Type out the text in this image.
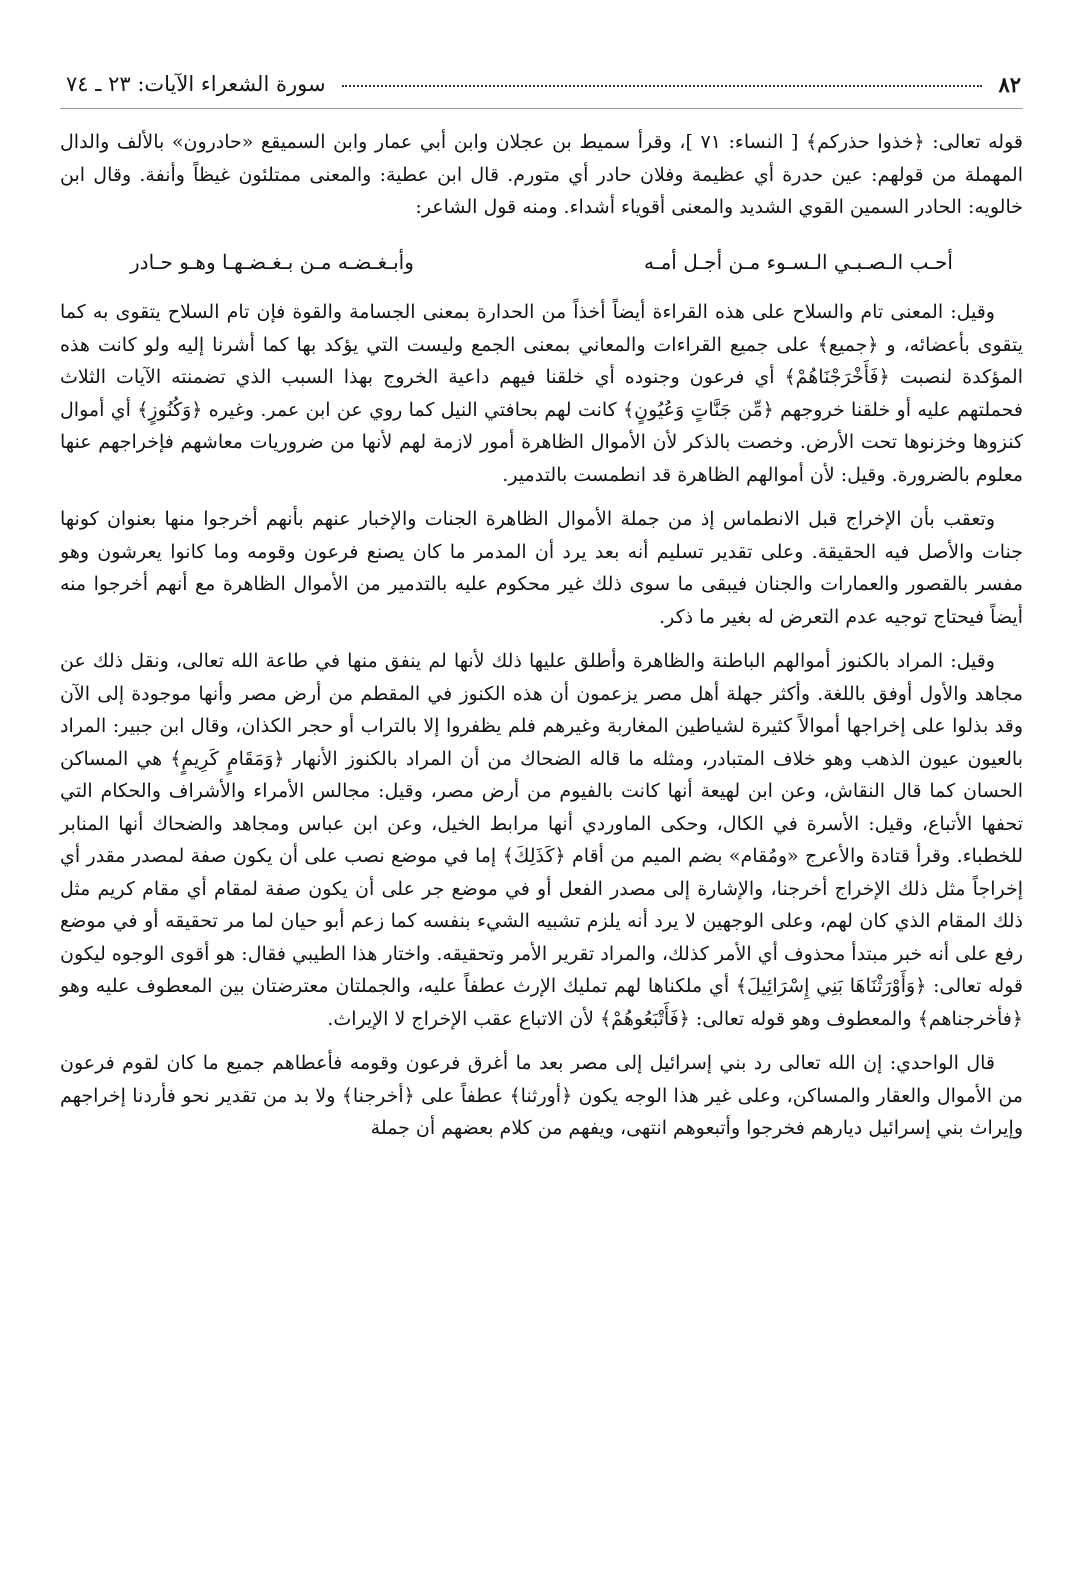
٨٢
سورة الشعراء الآيات: ٢٣ ـ ٧٤

قوله تعالى: ﴿خذوا حذركم﴾ [ النساء: ٧١ ]، وقرأ سميط بن عجلان وابن أبي عمار وابن السميقع «حادرون» بالألف والدال المهملة من قولهم: عين حدرة أي عظيمة وفلان حادر أي متورم. قال ابن عطية: والمعنى ممتلئون غيظاً وأنفة. وقال ابن خالويه: الحادر السمين القوي الشديد والمعنى أقوياء أشداء. ومنه قول الشاعر:

أحـب الـصـبـي الـسـوء مـن أجـل أمـه
وأبـغـضـه مـن بـغـضـهـا وهـو حـادر

وقيل: المعنى تام والسلاح على هذه القراءة أيضاً أخذاً من الحدارة بمعنى الجسامة والقوة فإن تام السلاح يتقوى به كما يتقوى بأعضائه، و ﴿جميع﴾ على جميع القراءات والمعاني بمعنى الجمع وليست التي يؤكد بها كما أشرنا إليه ولو كانت هذه المؤكدة لنصبت ﴿فَأَخْرَجْنَاهُمْ﴾ أي فرعون وجنوده أي خلقنا فيهم داعية الخروج بهذا السبب الذي تضمنته الآيات الثلاث فحملتهم عليه أو خلقنا خروجهم ﴿مِّن جَنَّاتٍ وَعُيُونٍ﴾ كانت لهم بحافتي النيل كما روي عن ابن عمر. وغيره ﴿وَكُنُوزٍ﴾ أي أموال كنزوها وخزنوها تحت الأرض. وخصت بالذكر لأن الأموال الظاهرة أمور لازمة لهم لأنها من ضروريات معاشهم فإخراجهم عنها معلوم بالضرورة. وقيل: لأن أموالهم الظاهرة قد انطمست بالتدمير.

وتعقب بأن الإخراج قبل الانطماس إذ من جملة الأموال الظاهرة الجنات والإخبار عنهم بأنهم أخرجوا منها بعنوان كونها جنات والأصل فيه الحقيقة. وعلى تقدير تسليم أنه بعد يرد أن المدمر ما كان يصنع فرعون وقومه وما كانوا يعرشون وهو مفسر بالقصور والعمارات والجنان فيبقى ما سوى ذلك غير محكوم عليه بالتدمير من الأموال الظاهرة مع أنهم أخرجوا منه أيضاً فيحتاج توجيه عدم التعرض له بغير ما ذكر.

وقيل: المراد بالكنوز أموالهم الباطنة والظاهرة وأطلق عليها ذلك لأنها لم ينفق منها في طاعة الله تعالى، ونقل ذلك عن مجاهد والأول أوفق باللغة. وأكثر جهلة أهل مصر يزعمون أن هذه الكنوز في المقطم من أرض مصر وأنها موجودة إلى الآن وقد بذلوا على إخراجها أموالاً كثيرة لشياطين المغاربة وغيرهم فلم يظفروا إلا بالتراب أو حجر الكذان، وقال ابن جبير: المراد بالعيون عيون الذهب وهو خلاف المتبادر، ومثله ما قاله الضحاك من أن المراد بالكنوز الأنهار ﴿وَمَقَامٍ كَرِيمٍ﴾ هي المساكن الحسان كما قال النقاش، وعن ابن لهيعة أنها كانت بالفيوم من أرض مصر، وقيل: مجالس الأمراء والأشراف والحكام التي تحفها الأتباع، وقيل: الأسرة في الكال، وحكى الماوردي أنها مرابط الخيل، وعن ابن عباس ومجاهد والضحاك أنها المنابر للخطباء. وقرأ قتادة والأعرج «ومُقام» بضم الميم من أقام ﴿كَذَلِكَ﴾ إما في موضع نصب على أن يكون صفة لمصدر مقدر أي إخراجاً مثل ذلك الإخراج أخرجنا، والإشارة إلى مصدر الفعل أو في موضع جر على أن يكون صفة لمقام أي مقام كريم مثل ذلك المقام الذي كان لهم، وعلى الوجهين لا يرد أنه يلزم تشبيه الشيء بنفسه كما زعم أبو حيان لما مر تحقيقه أو في موضع رفع على أنه خبر مبتدأ محذوف أي الأمر كذلك، والمراد تقرير الأمر وتحقيقه. واختار هذا الطيبي فقال: هو أقوى الوجوه ليكون قوله تعالى: ﴿وَأَوْرَثْنَاهَا بَنِي إِسْرَائِيلَ﴾ أي ملكناها لهم تمليك الإرث عطفاً عليه، والجملتان معترضتان بين المعطوف عليه وهو ﴿فأخرجناهم﴾ والمعطوف وهو قوله تعالى: ﴿فَأَتْبَعُوهُمْ﴾ لأن الاتباع عقب الإخراج لا الإيراث.

قال الواحدي: إن الله تعالى رد بني إسرائيل إلى مصر بعد ما أغرق فرعون وقومه فأعطاهم جميع ما كان لقوم فرعون من الأموال والعقار والمساكن، وعلى غير هذا الوجه يكون ﴿أورثنا﴾ عطفاً على ﴿أخرجنا﴾ ولا بد من تقدير نحو فأردنا إخراجهم وإيراث بني إسرائيل ديارهم فخرجوا وأتبعوهم انتهى، ويفهم من كلام بعضهم أن جملة
